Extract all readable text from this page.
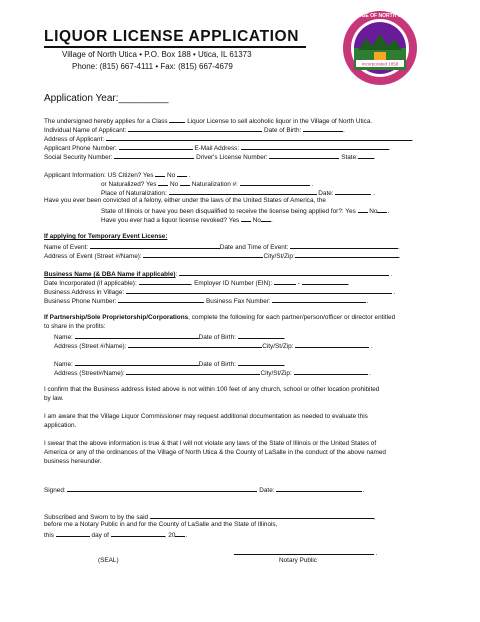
LIQUOR LICENSE APPLICATION
Village of North Utica • P.O. Box 188 • Utica, IL 61373
Phone: (815) 667-4111 • Fax: (815) 667-4679	Incorporated 1858
VILLAGE OF NORTH UTICA
Application Year:_________
The undersigned hereby applies for a Class	Liquor License to sell alcoholic liquor in the Village of North Utica.
Individual Name of Applicant:	Date of Birth:	.
Address of Applicant:	.
Applicant Phone Number:	E-Mail Address:	.
Social Security Number:	Driver's License Number:	State:	.
Applicant Information: US Citizen? Yes No  .
or Naturalized? Yes No Naturalization #:	.
Place of Naturalization:	Date:	.
Have you ever been convicted of a felony, either under the laws of the United States of America, the
State of Illinois or have you been disqualified to receive the license being applied for?: Yes No .
Have you ever had a liquor license revoked? Yes No .
If applying for Temporary Event License:
Name of Event:	Date and Time of Event:	.
Address of Event (Street #/Name):	City/St/Zip:	.
Business Name (& DBA Name if applicable):	.
Date Incorporated (if applicable):	. Employer ID Number (EIN):	-	.
Business Address in Village:	.
Business Phone Number:	Business Fax Number:	.
If Partnership/Sole Proprietorship/Corporations, complete the following for each partner/person/officer or director entitled
to share in the profits:
Name:	Date of Birth:	.
Address (Street #/Name):	City/St/Zip:	.
Name:	Date of Birth:	.
Address (Street#/Name):	City/St/Zip:	.
I confirm that the Business address listed above is not within 100 feet of any church, school or other location prohibited
by law.
I am aware that the Village Liquor Commissioner may request additional documentation as needed to evaluate this
application.
I swear that the above information is true & that I will not violate any laws of the State of Illinois or the United States of
America or any of the ordinances of the Village of North Utica & the County of LaSalle in the conduct of the above named
business hereunder.
Signed:	Date:	.
Subscribed and Sworn to by the said	,
before me a Notary Public in and for the County of LaSalle and the State of Illinois,
this	day of	, 20 .
.
(SEAL)	Notary Public
